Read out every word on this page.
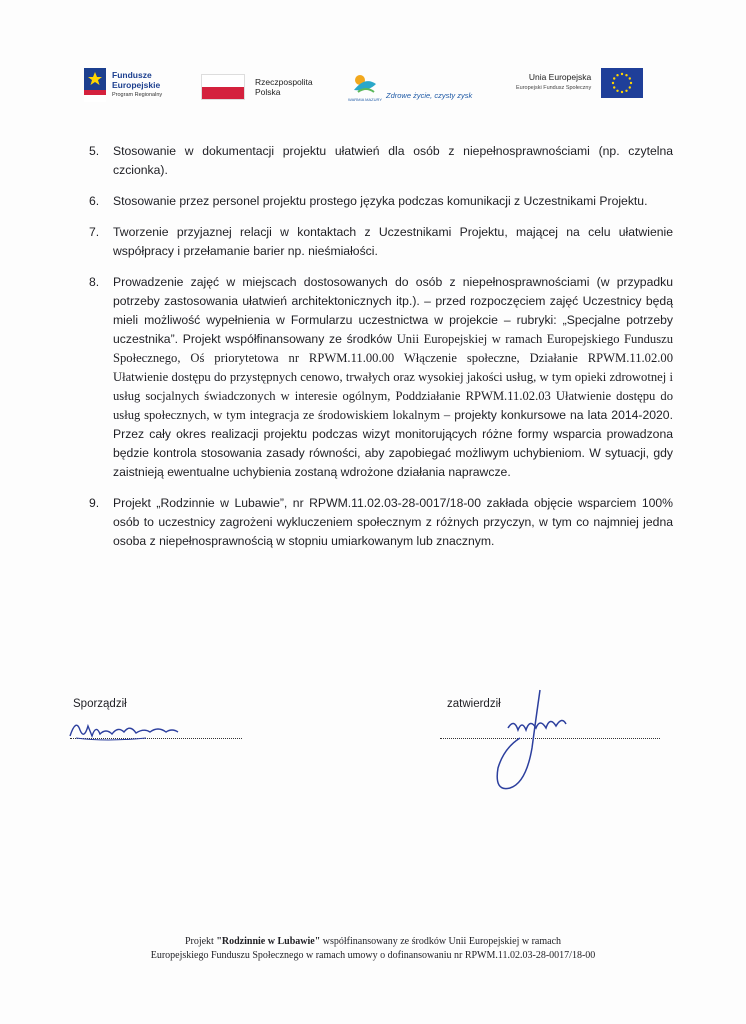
Fundusze
Europejskie
Program Regionalny
Rzeczpospolita
Polska
WARMIA MAZURY Zdrowe życie, czysty zysk
Unia Europejska
Europejski Fundusz Społeczny
5.	Stosowanie w dokumentacji projektu ułatwień dla osób z niepełnosprawnościami (np. czytelna czcionka).
6.	Stosowanie przez personel projektu prostego języka podczas komunikacji z Uczestnikami Projektu.
7.	Tworzenie przyjaznej relacji w kontaktach z Uczestnikami Projektu, mającej na celu ułatwienie współpracy i przełamanie barier np. nieśmiałości.
8.	Prowadzenie zajęć w miejscach dostosowanych do osób z niepełnosprawnościami (w przypadku potrzeby zastosowania ułatwień architektonicznych itp.). – przed rozpoczęciem zajęć Uczestnicy będą mieli możliwość wypełnienia w Formularzu uczestnictwa w projekcie – rubryki: „Specjalne potrzeby uczestnika”. Projekt współfinansowany ze środków Unii Europejskiej w ramach Europejskiego Funduszu Społecznego, Oś priorytetowa nr RPWM.11.00.00 Włączenie społeczne, Działanie RPWM.11.02.00 Ułatwienie dostępu do przystępnych cenowo, trwałych oraz wysokiej jakości usług, w tym opieki zdrowotnej i usług socjalnych świadczonych w interesie ogólnym, Poddziałanie RPWM.11.02.03 Ułatwienie dostępu do usług społecznych, w tym integracja ze środowiskiem lokalnym – projekty konkursowe na lata 2014-2020. Przez cały okres realizacji projektu podczas wizyt monitorujących różne formy wsparcia prowadzona będzie kontrola stosowania zasady równości, aby zapobiegać możliwym uchybieniom. W sytuacji, gdy zaistnieją ewentualne uchybienia zostaną wdrożone działania naprawcze.
9.	Projekt „Rodzinnie w Lubawie”, nr RPWM.11.02.03-28-0017/18-00 zakłada objęcie wsparciem 100% osób to uczestnicy zagrożeni wykluczeniem społecznym z różnych przyczyn, w tym co najmniej jedna osoba z niepełnosprawnością w stopniu umiarkowanym lub znacznym.
Sporządził	zatwierdził
Projekt "Rodzinnie w Lubawie" współfinansowany ze środków Unii Europejskiej w ramach
Europejskiego Funduszu Społecznego w ramach umowy o dofinansowaniu nr RPWM.11.02.03-28-0017/18-00
